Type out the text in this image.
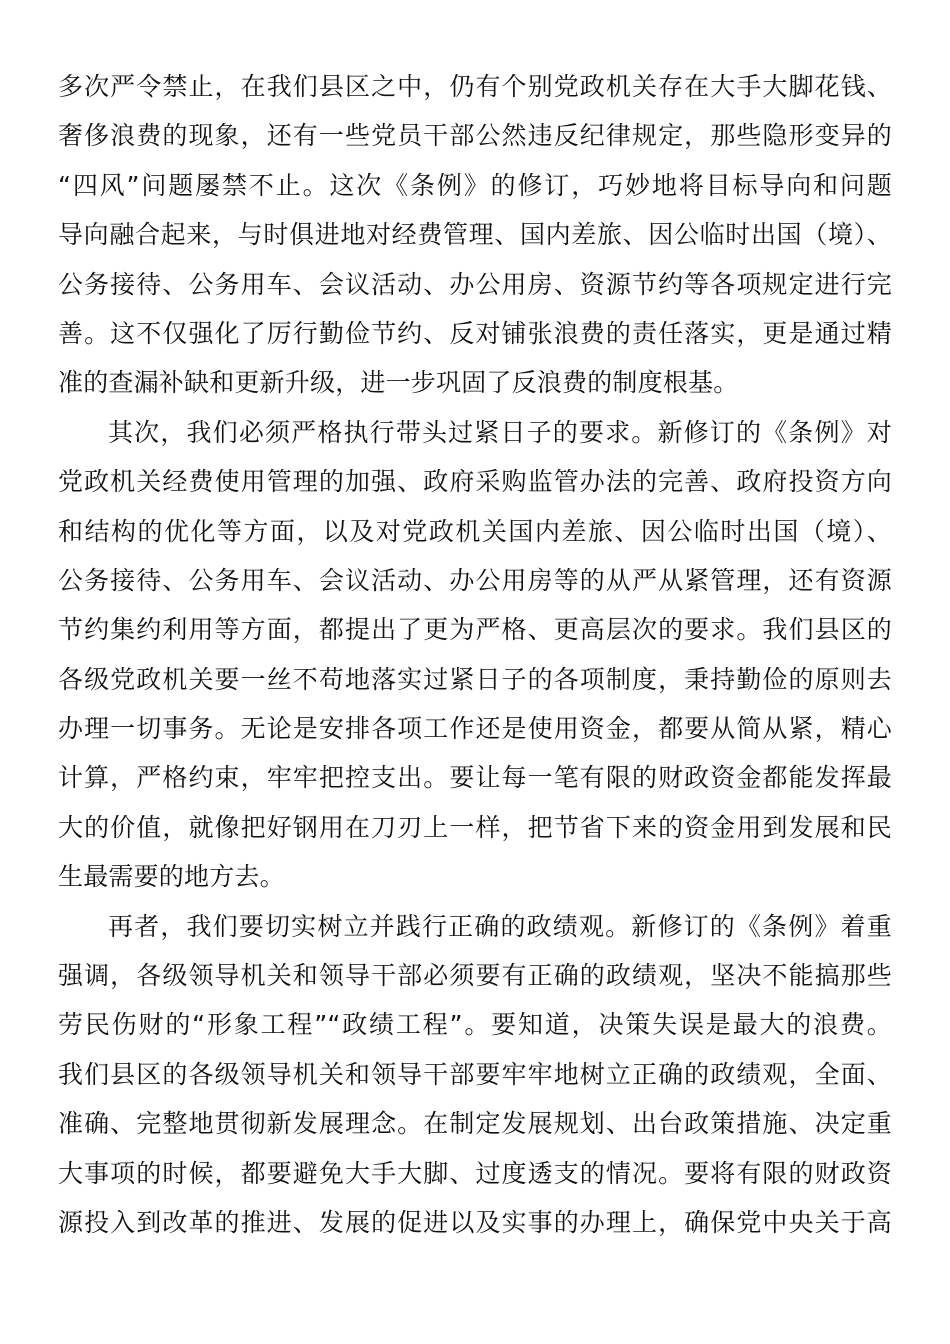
多次严令禁止，在我们县区之中，仍有个别党政机关存在大手大脚花钱、
奢侈浪费的现象，还有一些党员干部公然违反纪律规定，那些隐形变异的
“四风”问题屡禁不止。这次《条例》的修订，巧妙地将目标导向和问题
导向融合起来，与时俱进地对经费管理、国内差旅、因公临时出国（境）、
公务接待、公务用车、会议活动、办公用房、资源节约等各项规定进行完
善。这不仅强化了厉行勤俭节约、反对铺张浪费的责任落实，更是通过精
准的查漏补缺和更新升级，进一步巩固了反浪费的制度根基。
其次，我们必须严格执行带头过紧日子的要求。新修订的《条例》对
党政机关经费使用管理的加强、政府采购监管办法的完善、政府投资方向
和结构的优化等方面，以及对党政机关国内差旅、因公临时出国（境）、
公务接待、公务用车、会议活动、办公用房等的从严从紧管理，还有资源
节约集约利用等方面，都提出了更为严格、更高层次的要求。我们县区的
各级党政机关要一丝不苟地落实过紧日子的各项制度，秉持勤俭的原则去
办理一切事务。无论是安排各项工作还是使用资金，都要从简从紧，精心
计算，严格约束，牢牢把控支出。要让每一笔有限的财政资金都能发挥最
大的价值，就像把好钢用在刀刃上一样，把节省下来的资金用到发展和民
生最需要的地方去。
再者，我们要切实树立并践行正确的政绩观。新修订的《条例》着重
强调，各级领导机关和领导干部必须要有正确的政绩观，坚决不能搞那些
劳民伤财的“形象工程”“政绩工程”。要知道，决策失误是最大的浪费。
我们县区的各级领导机关和领导干部要牢牢地树立正确的政绩观，全面、
准确、完整地贯彻新发展理念。在制定发展规划、出台政策措施、决定重
大事项的时候，都要避免大手大脚、过度透支的情况。要将有限的财政资
源投入到改革的推进、发展的促进以及实事的办理上，确保党中央关于高
